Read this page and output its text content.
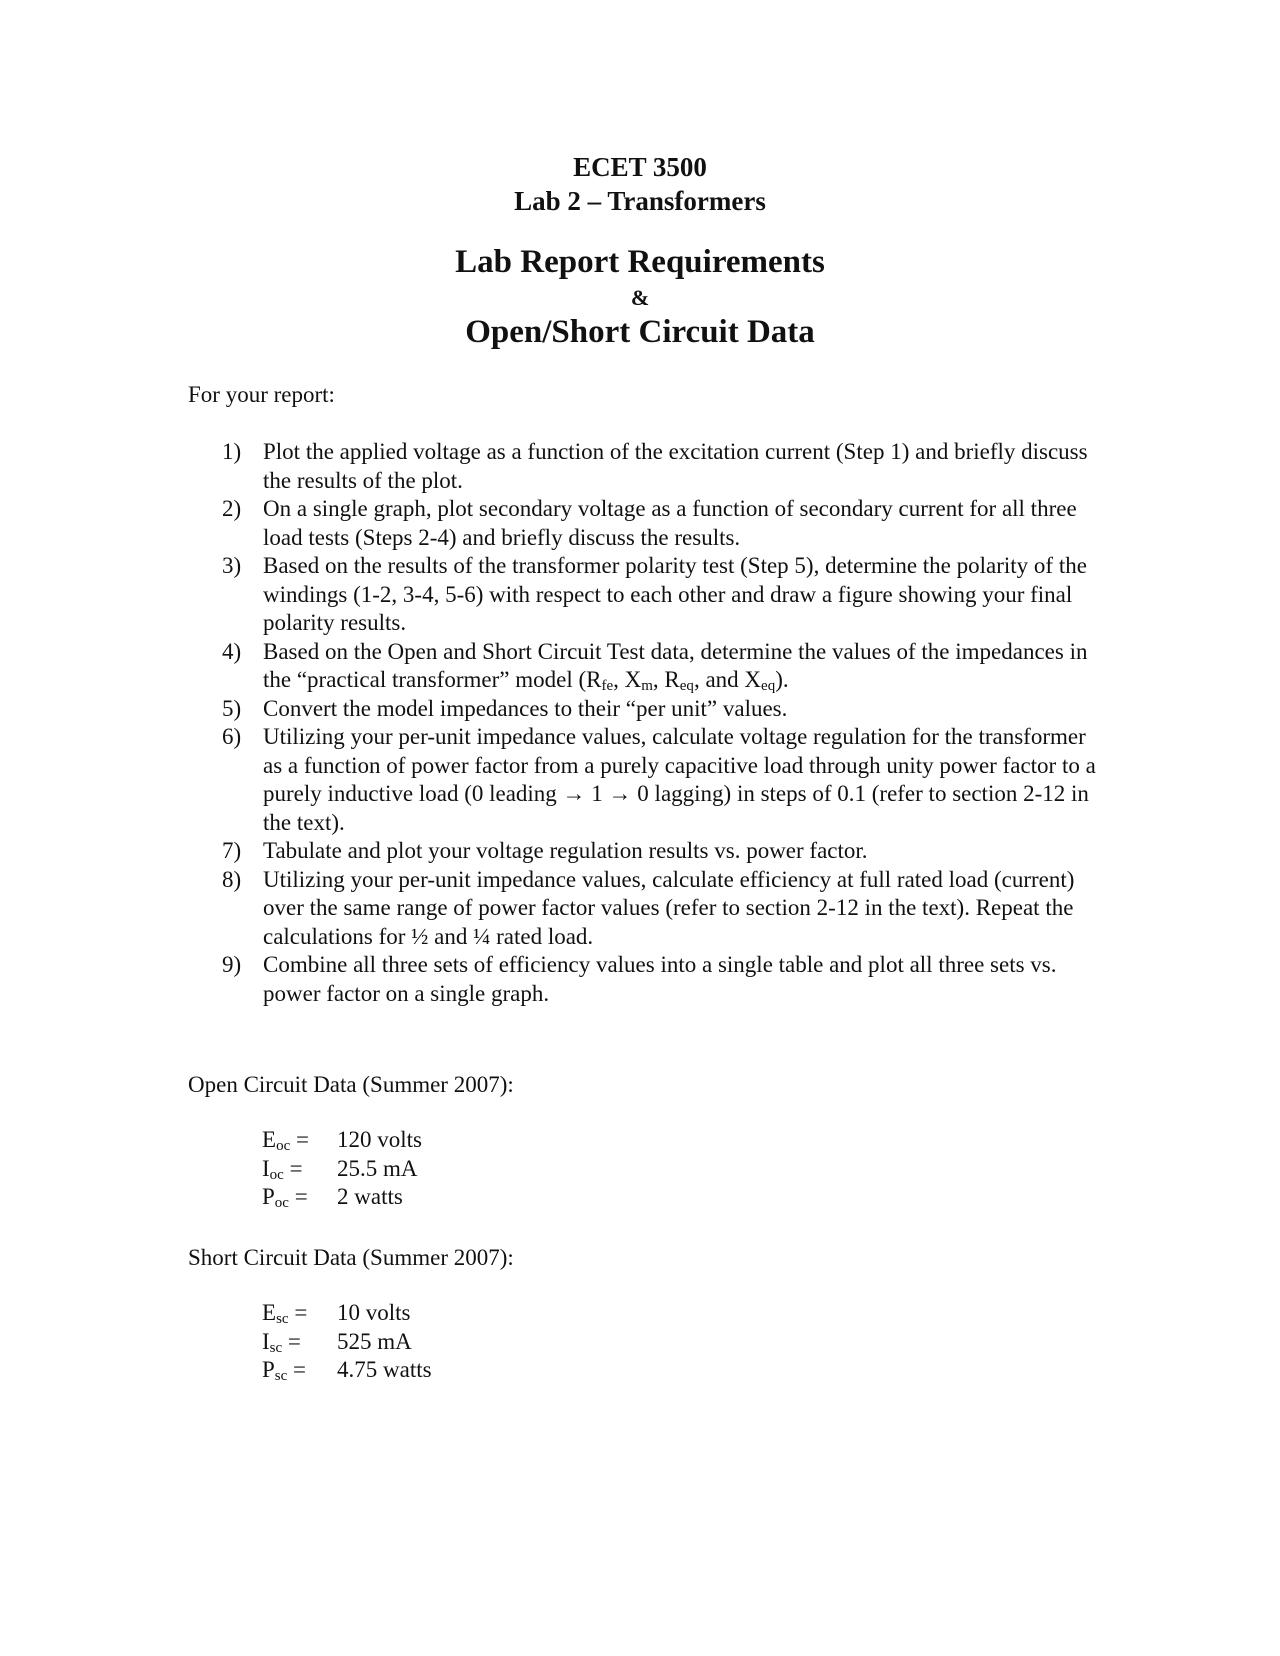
ECET 3500
Lab 2 – Transformers
Lab Report Requirements
&
Open/Short Circuit Data
For your report:
1) Plot the applied voltage as a function of the excitation current (Step 1) and briefly discuss the results of the plot.
2) On a single graph, plot secondary voltage as a function of secondary current for all three load tests (Steps 2-4) and briefly discuss the results.
3) Based on the results of the transformer polarity test (Step 5), determine the polarity of the windings (1-2, 3-4, 5-6) with respect to each other and draw a figure showing your final polarity results.
4) Based on the Open and Short Circuit Test data, determine the values of the impedances in the “practical transformer” model ($R_{fe}$, $X_m$, $R_{eq}$, and $X_{eq}$).
5) Convert the model impedances to their “per unit” values.
6) Utilizing your per-unit impedance values, calculate voltage regulation for the transformer as a function of power factor from a purely capacitive load through unity power factor to a purely inductive load (0 leading → 1 → 0 lagging) in steps of 0.1 (refer to section 2-12 in the text).
7) Tabulate and plot your voltage regulation results vs. power factor.
8) Utilizing your per-unit impedance values, calculate efficiency at full rated load (current) over the same range of power factor values (refer to section 2-12 in the text). Repeat the calculations for ½ and ¼ rated load.
9) Combine all three sets of efficiency values into a single table and plot all three sets vs. power factor on a single graph.
Open Circuit Data (Summer 2007):
$E_{oc}$ =	120 volts
$I_{oc}$ =	25.5 mA
$P_{oc}$ =	2 watts
Short Circuit Data (Summer 2007):
$E_{sc}$ =	10 volts
$I_{sc}$ =	525 mA
$P_{sc}$ =	4.75 watts
